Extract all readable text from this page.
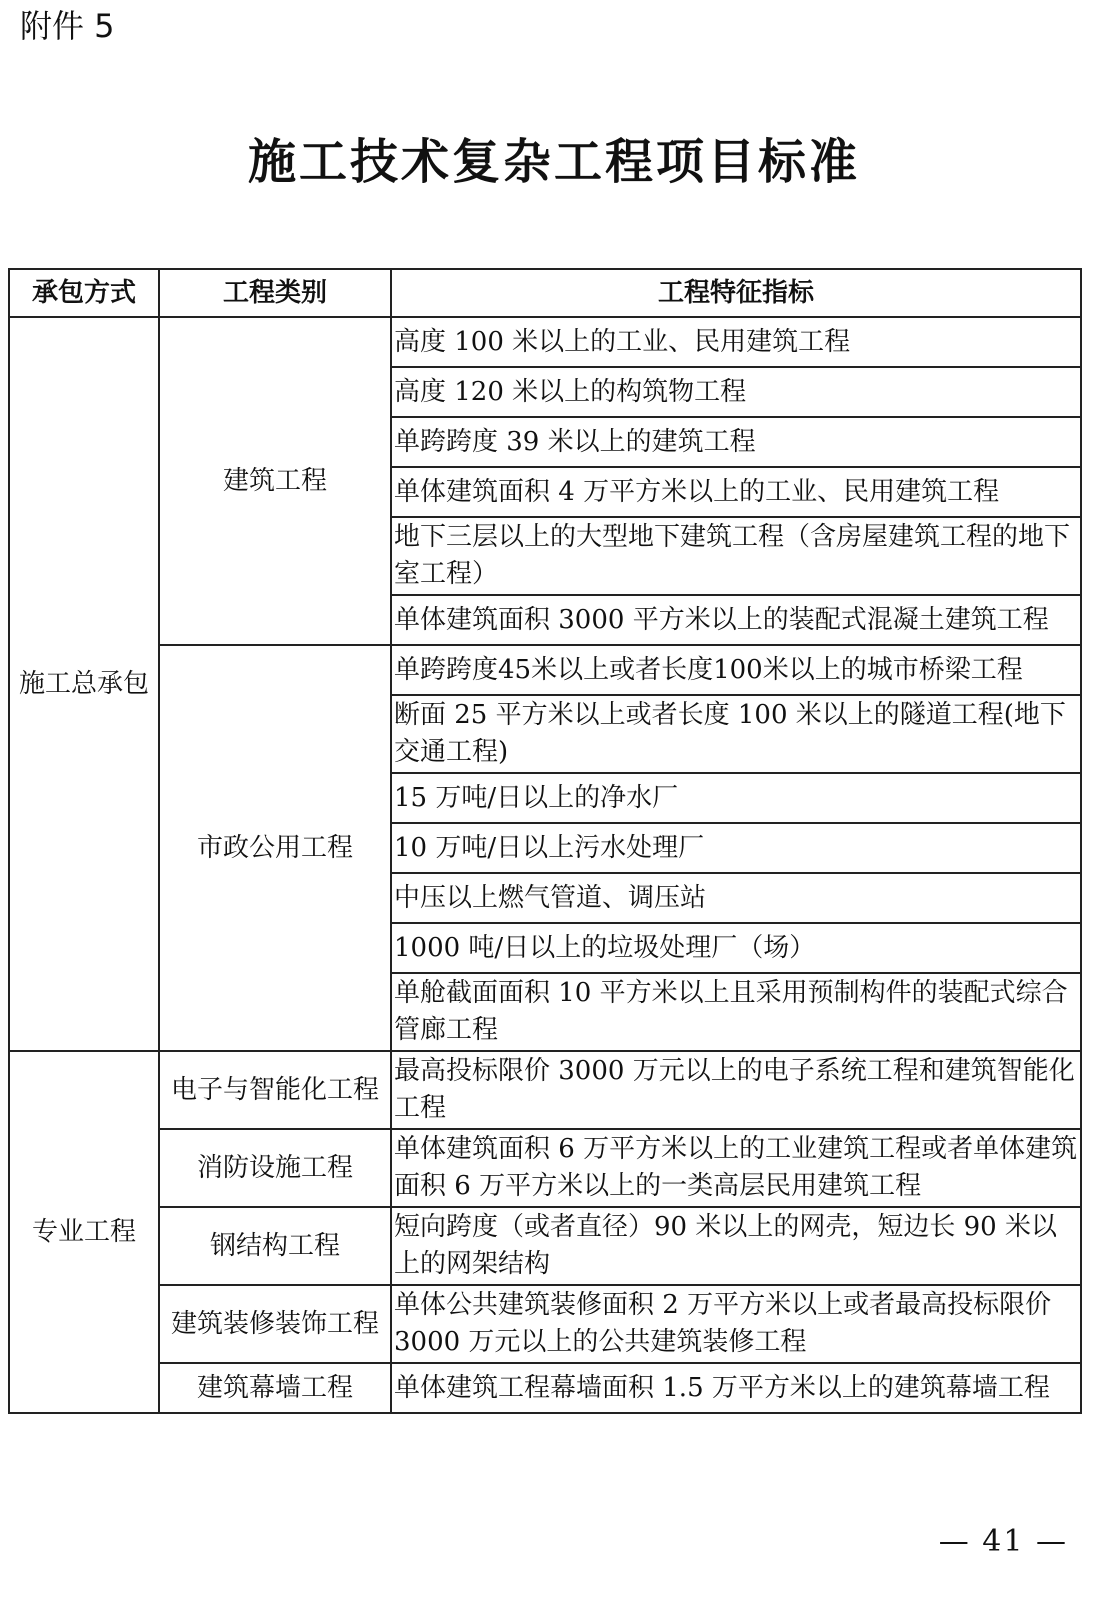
附件 5
施工技术复杂工程项目标准
承包方式	工程类别	工程特征指标
施工总承包	建筑工程	高度 100 米以上的工业、民用建筑工程
		高度 120 米以上的构筑物工程
		单跨跨度 39 米以上的建筑工程
		单体建筑面积 4 万平方米以上的工业、民用建筑工程
		地下三层以上的大型地下建筑工程（含房屋建筑工程的地下室工程）
		单体建筑面积 3000 平方米以上的装配式混凝土建筑工程
	市政公用工程	单跨跨度45米以上或者长度100米以上的城市桥梁工程
		断面 25 平方米以上或者长度 100 米以上的隧道工程(地下交通工程)
		15 万吨/日以上的净水厂
		10 万吨/日以上污水处理厂
		中压以上燃气管道、调压站
		1000 吨/日以上的垃圾处理厂（场）
		单舱截面面积 10 平方米以上且采用预制构件的装配式综合管廊工程
专业工程	电子与智能化工程	最高投标限价 3000 万元以上的电子系统工程和建筑智能化工程
	消防设施工程	单体建筑面积 6 万平方米以上的工业建筑工程或者单体建筑面积 6 万平方米以上的一类高层民用建筑工程
	钢结构工程	短向跨度（或者直径）90 米以上的网壳，短边长 90 米以上的网架结构
	建筑装修装饰工程	单体公共建筑装修面积 2 万平方米以上或者最高投标限价 3000 万元以上的公共建筑装修工程
	建筑幕墙工程	单体建筑工程幕墙面积 1.5 万平方米以上的建筑幕墙工程
— 41 —
